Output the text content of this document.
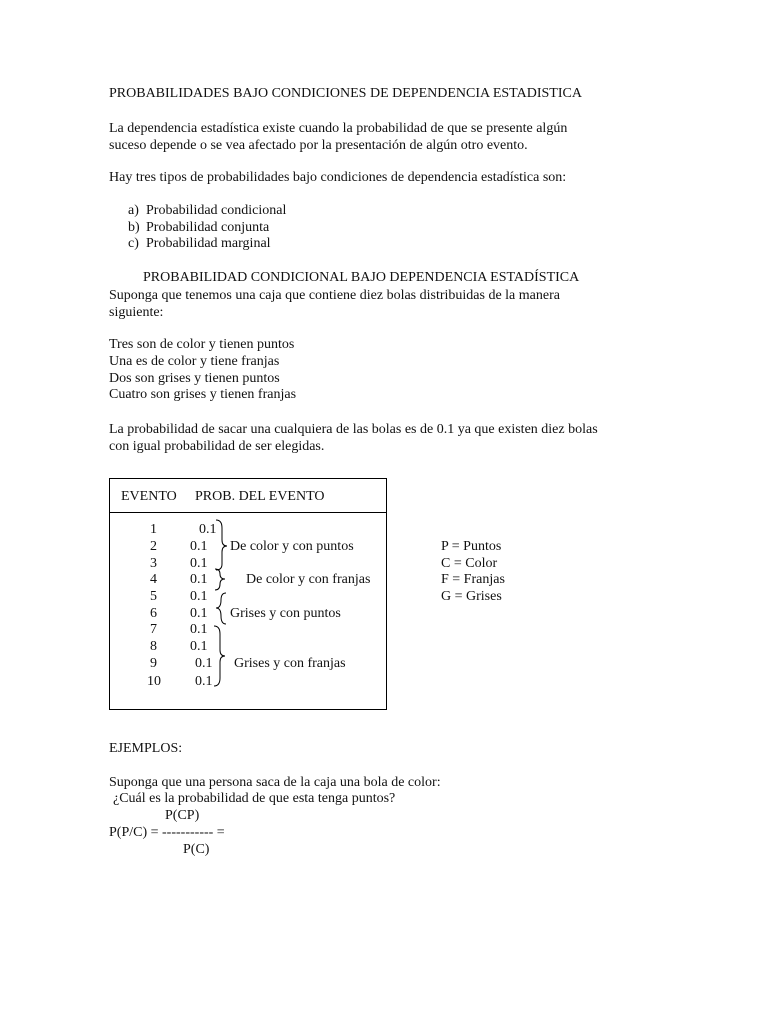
PROBABILIDADES BAJO CONDICIONES DE DEPENDENCIA ESTADISTICA
La dependencia estadística existe cuando la probabilidad de que se presente algún
suceso depende o se vea afectado por la presentación de algún otro evento.
Hay tres tipos de probabilidades bajo condiciones de dependencia estadística son:
a) Probabilidad condicional
b) Probabilidad conjunta
c) Probabilidad marginal
PROBABILIDAD CONDICIONAL BAJO DEPENDENCIA ESTADÍSTICA
Suponga que tenemos una caja que contiene diez bolas distribuidas de la manera
siguiente:
Tres son de color y tienen puntos
Una es de color y tiene franjas
Dos son grises y tienen puntos
Cuatro son grises y tienen franjas
La probabilidad de sacar una cualquiera de las bolas es de 0.1 ya que existen diez bolas
con igual probabilidad de ser elegidas.
EVENTO PROB. DEL EVENTO
1
2
3
4
5
6
7
8
9
10
0.1
0.1
0.1
0.1
0.1
0.1
0.1
0.1
0.1
0.1
De color y con puntos
De color y con franjas
Grises y con puntos
Grises y con franjas
P = Puntos
C = Color
F = Franjas
G = Grises
EJEMPLOS:
Suponga que una persona saca de la caja una bola de color:
¿Cuál es la probabilidad de que esta tenga puntos?
P(CP)
P(P/C) = ----------- =
P(C)
